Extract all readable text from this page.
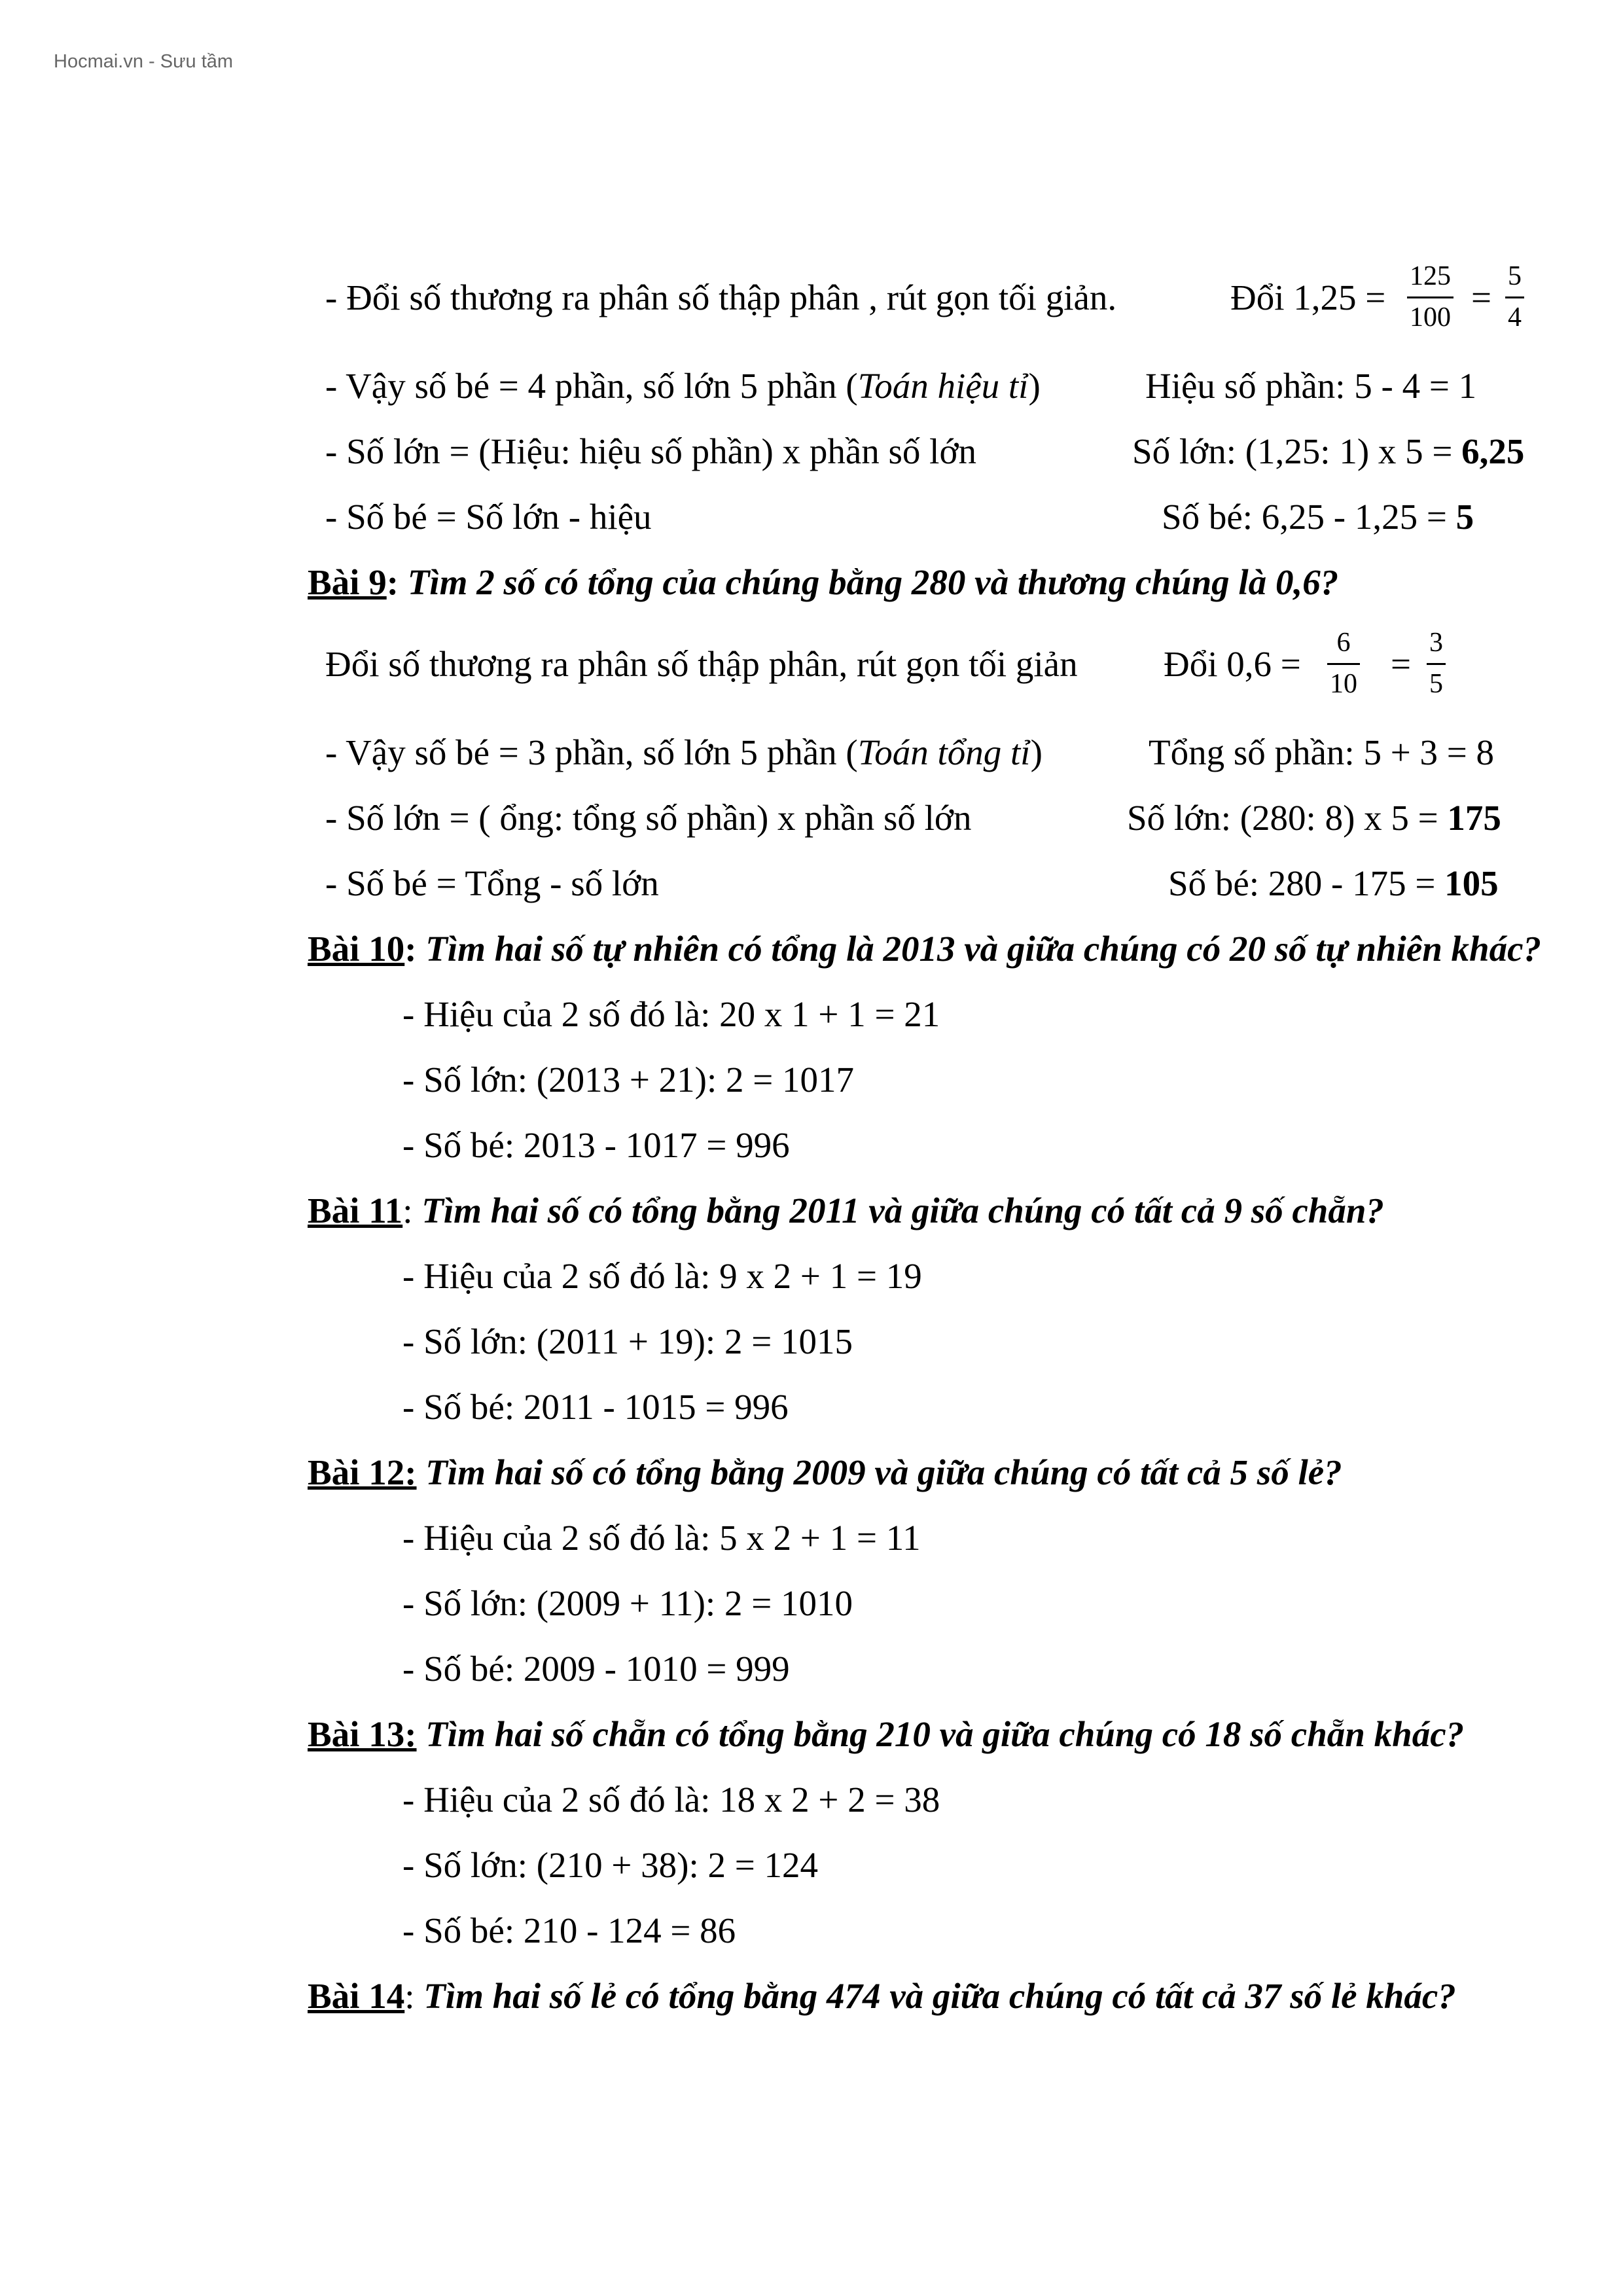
Hocmai.vn - Sưu tầm
- Đổi số thương ra phân số thập phân , rút gọn tối giản.	Đổi 1,25 =
125
100 =
5
4
- Vậy số bé = 4 phần, số lớn 5 phần (Toán hiệu tỉ)	Hiệu số phần: 5 - 4 = 1
- Số lớn = (Hiệu: hiệu số phần) x phần số lớn	Số lớn: (1,25: 1) x 5 = 6,25
- Số bé = Số lớn - hiệu	Số bé: 6,25 - 1,25 = 5
Bài 9: Tìm 2 số có tổng của chúng bằng 280 và thương chúng là 0,6?
Đổi số thương ra phân số thập phân, rút gọn tối giản Đổi 0,6 =
6
10 =
3
5
- Vậy số bé = 3 phần, số lớn 5 phần (Toán tổng tỉ)	Tổng số phần: 5 + 3 = 8
- Số lớn = ( ổng: tổng số phần) x phần số lớn	Số lớn: (280: 8) x 5 = 175
- Số bé = Tổng - số lớn	Số bé: 280 - 175 = 105
Bài 10: Tìm hai số tự nhiên có tổng là 2013 và giữa chúng có 20 số tự nhiên khác?
- Hiệu của 2 số đó là: 20 x 1 + 1 = 21
- Số lớn: (2013 + 21): 2 = 1017
- Số bé: 2013 - 1017 = 996
Bài 11: Tìm hai số có tổng bằng 2011 và giữa chúng có tất cả 9 số chẵn?
- Hiệu của 2 số đó là: 9 x 2 + 1 = 19
- Số lớn: (2011 + 19): 2 = 1015
- Số bé: 2011 - 1015 = 996
Bài 12: Tìm hai số có tổng bằng 2009 và giữa chúng có tất cả 5 số lẻ?
- Hiệu của 2 số đó là: 5 x 2 + 1 = 11
- Số lớn: (2009 + 11): 2 = 1010
- Số bé: 2009 - 1010 = 999
Bài 13: Tìm hai số chẵn có tổng bằng 210 và giữa chúng có 18 số chẵn khác?
- Hiệu của 2 số đó là: 18 x 2 + 2 = 38
- Số lớn: (210 + 38): 2 = 124
- Số bé: 210 - 124 = 86
Bài 14: Tìm hai số lẻ có tổng bằng 474 và giữa chúng có tất cả 37 số lẻ khác?
